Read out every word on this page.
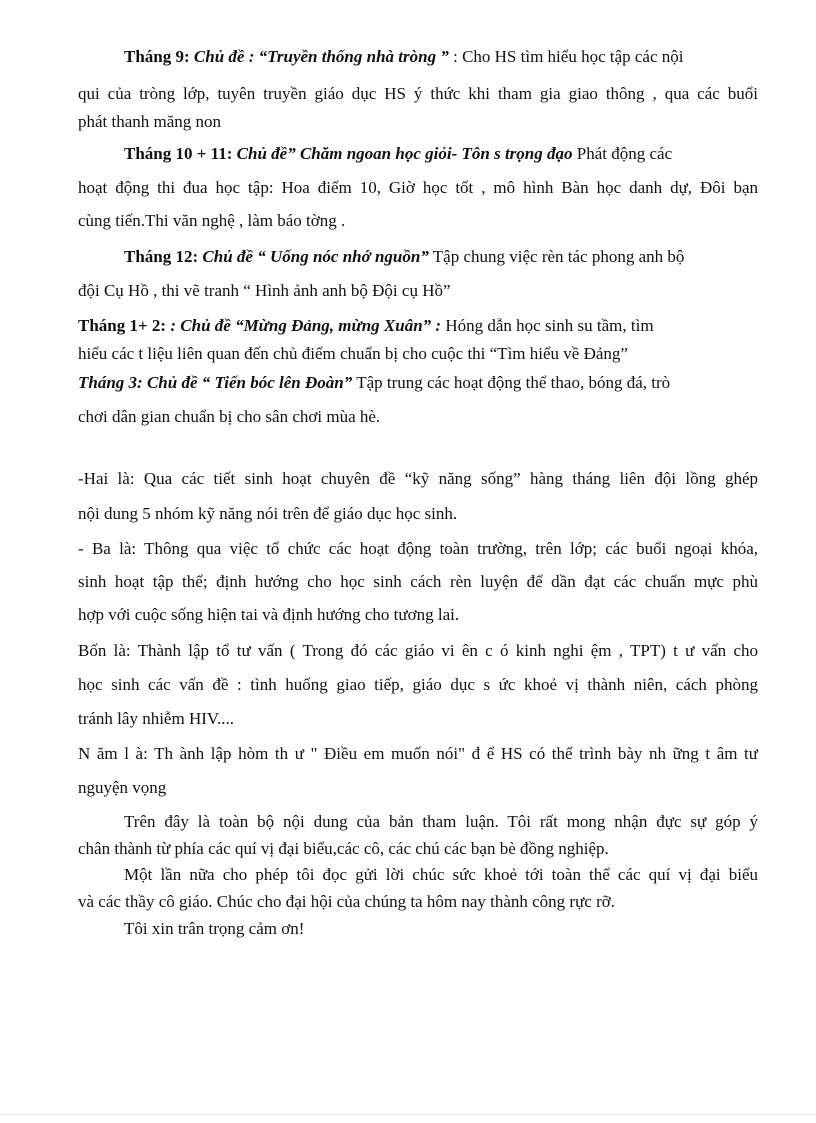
Tháng 9: Chủ đề : “Truyền thống nhà tròng ” : Cho HS tìm hiểu học tập các nội
qui của tròng lớp, tuyên truyền giáo dục HS ý thức khi tham gia giao thông , qua các buổi
phát thanh măng non
Tháng 10 + 11: Chủ đề” Chăm ngoan học giỏi- Tôn s trọng đạo Phát động các
hoạt động thi đua học tập: Hoa điểm 10, Giờ học tốt , mô hình Bàn học danh dự, Đôi bạn
cùng tiến.Thi văn nghệ , làm báo tờng .
Tháng 12: Chủ đề “ Uống nóc nhớ nguồn” Tập chung việc rèn tác phong anh bộ
đội Cụ Hồ , thi vẽ tranh “ Hình ảnh anh bộ Đội cụ Hồ”
Tháng 1+ 2: : Chủ đề “Mừng Đảng, mừng Xuân” : Hóng dẫn học sinh su tầm, tìm
hiểu các t liệu liên quan đến chủ điểm chuẩn bị cho cuộc thi “Tìm hiểu về Đảng”
Tháng 3: Chủ đề “ Tiến bóc lên Đoàn” Tập trung các hoạt động thể thao, bóng đá, trò
chơi dân gian chuẩn bị cho sân chơi mùa hè.
-Hai là: Qua các tiết sinh hoạt chuyên đề “kỹ năng sống” hàng tháng liên đội lồng ghép
nội dung 5 nhóm kỹ năng nói trên để giáo dục học sinh.
- Ba là: Thông qua việc tổ chức các hoạt động toàn trường, trên lớp; các buổi ngoại khóa,
sinh hoạt tập thể; định hướng cho học sinh cách rèn luyện để dần đạt các chuẩn mực phù
hợp với cuộc sống hiện tai và định hướng cho tương lai.
Bốn là: Thành lập tổ tư vấn ( Trong đó các giáo vi ên c ó kinh nghi ệm , TPT) t ư vấn cho
học sinh các vấn đề : tình huống giao tiếp, giáo dục s ức khoẻ vị thành niên, cách phòng
tránh lây nhiễm HIV....
N ăm l à: Th ành lập hòm th ư " Điều em muốn nói" đ ể HS có thể trình bày nh ững t âm tư
nguyện vọng
Trên đây là toàn bộ nội dung của bản tham luận. Tôi rất mong nhận đực sự góp ý
chân thành từ phía các quí vị đại biểu,các cô, các chú các bạn bè đồng nghiệp.
Một lần nữa cho phép tôi đọc gửi lời chúc sức khoẻ tới toàn thể các quí vị đại biểu
và các thầy cô giáo. Chúc cho đại hội của chúng ta hôm nay thành công rực rỡ.
Tôi xin trân trọng cảm ơn!
